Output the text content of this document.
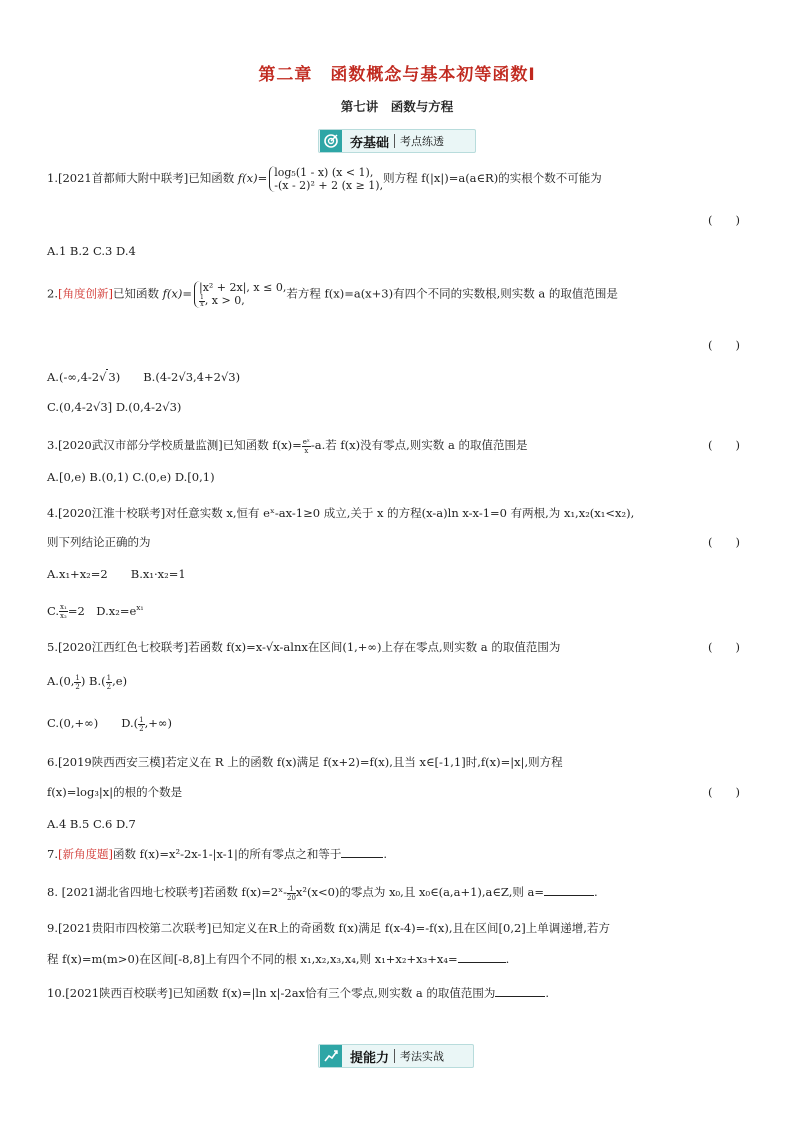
第二章　函数概念与基本初等函数Ⅰ
第七讲　函数与方程
夯基础	考点练透
1.[2021首都师大附中联考]已知函数 f(x)= log₅(1 - x) (x < 1),
-(x - 2)² + 2 (x ≥ 1),
则方程 f(|x|)=a(a∈R)的实根个数不可能为
(　　)
A.1 B.2 C.3 D.4
2.[角度创新]已知函数 f(x)= |x² + 2x|, x ≤ 0,
$\frac{1}{x}$ , x > 0,
若方程 f(x)=a(x+3)有四个不同的实数根,则实数 a 的取值范围是
(　　)
A.(-∞,4-2√ 3)　　 B.(4-2√3,4+2√3)
C.(0,4-2√3] D.(0,4-2√3)
3.[2020武汉市部分学校质量监测]已知函数 $f(x)= \frac{\text{eˣ}}{x} -a$.若 f(x)没有零点,则实数 a 的取值范围是	(　　)
A.[0,e) B.(0,1) C.(0,e) D.[0,1)
4.[2020江淮十校联考]对任意实数 x,恒有 eˣ-ax-1≥0 成立,关于 x 的方程(x-a)ln x-x-1=0 有两根,为 x₁,x₂(x₁<x₂),
则下列结论正确的为	(　　)
A.x₁+x₂=2　　B.x₁·x₂=1
C. $\frac{\text{x₁}}{\text{x₂}} =2$　$D.x_2=e^{x_1}$
5.[2020江西红色七校联考]若函数 f(x)=x-√x-alnx在区间(1,+∞)上存在零点,则实数 a 的取值范围为	(　　)
A.(0, $\frac{1}{2}$ ) $B.( \frac{1}{2} ,e)$
C.(0,+∞)　　$D.( \frac{1}{2}$ ,+∞)
6.[2019陕西西安三模]若定义在 R 上的函数 f(x)满足 f(x+2)=f(x),且当 x∈[-1,1]时,f(x)=|x|,则方程
f(x)=log₃|x|的根的个数是	(　　)
A.4 B.5 C.6 D.7
7.[新角度题]函数 f(x)=x²-2x-1-|x-1|的所有零点之和等于	.
8. [2021湖北省四地七校联考]若函数 f(x)=2ˣ- $\frac{1}{20} x^2(x<0)$的零点为 x₀,且 x₀∈(a,a+1),a∈Z,则 a=	.
9.[2021贵阳市四校第二次联考]已知定义在R上的奇函数 f(x)满足 f(x-4)=-f(x),且在区间[0,2]上单调递增,若方
程 f(x)=m(m>0)在区间[-8,8]上有四个不同的根 x₁,x₂,x₃,x₄,则 x₁+x₂+x₃+x₄=	.
10.[2021陕西百校联考]已知函数 f(x)=|ln x|-2ax恰有三个零点,则实数 a 的取值范围为	.
提能力	考法实战
